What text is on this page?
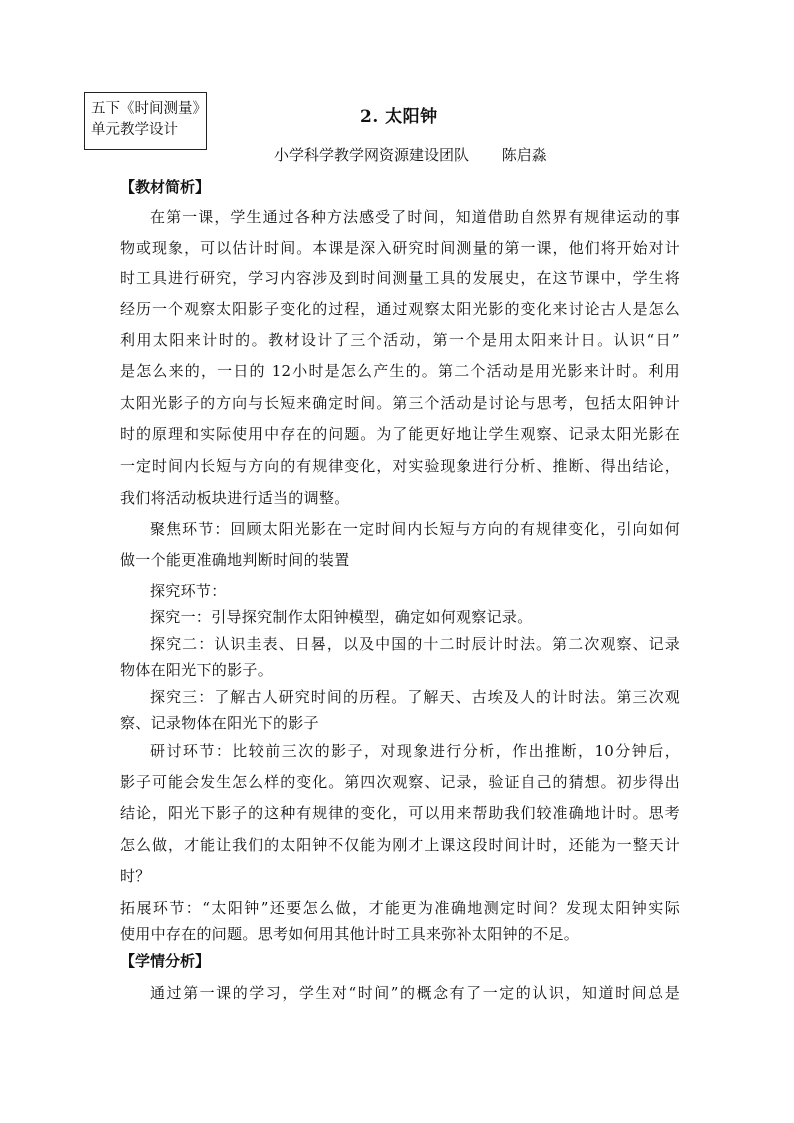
五下《时间测量》
单元教学设计
2. 太阳钟
小学科学教学网资源建设团队 陈启淼
【教材简析】
在第一课，学生通过各种方法感受了时间，知道借助自然界有规律运动的事
物或现象，可以估计时间。本课是深入研究时间测量的第一课，他们将开始对计
时工具进行研究，学习内容涉及到时间测量工具的发展史，在这节课中，学生将
经历一个观察太阳影子变化的过程，通过观察太阳光影的变化来讨论古人是怎么
利用太阳来计时的。教材设计了三个活动，第一个是用太阳来计日。认识“日”
是怎么来的，一日的 12小时是怎么产生的。第二个活动是用光影来计时。利用
太阳光影子的方向与长短来确定时间。第三个活动是讨论与思考，包括太阳钟计
时的原理和实际使用中存在的问题。为了能更好地让学生观察、记录太阳光影在
一定时间内长短与方向的有规律变化，对实验现象进行分析、推断、得出结论，
我们将活动板块进行适当的调整。
聚焦环节：回顾太阳光影在一定时间内长短与方向的有规律变化，引向如何
做一个能更准确地判断时间的装置
探究环节：
探究一：引导探究制作太阳钟模型，确定如何观察记录。
探究二：认识圭表、日晷，以及中国的十二时辰计时法。第二次观察、记录
物体在阳光下的影子。
探究三：了解古人研究时间的历程。了解天、古埃及人的计时法。第三次观
察、记录物体在阳光下的影子
研讨环节：比较前三次的影子，对现象进行分析，作出推断，10分钟后，
影子可能会发生怎么样的变化。第四次观察、记录，验证自己的猜想。初步得出
结论，阳光下影子的这种有规律的变化，可以用来帮助我们较准确地计时。思考
怎么做，才能让我们的太阳钟不仅能为刚才上课这段时间计时，还能为一整天计
时？
拓展环节：“太阳钟”还要怎么做，才能更为准确地测定时间？发现太阳钟实际
使用中存在的问题。思考如何用其他计时工具来弥补太阳钟的不足。
【学情分析】
通过第一课的学习，学生对“时间”的概念有了一定的认识，知道时间总是
